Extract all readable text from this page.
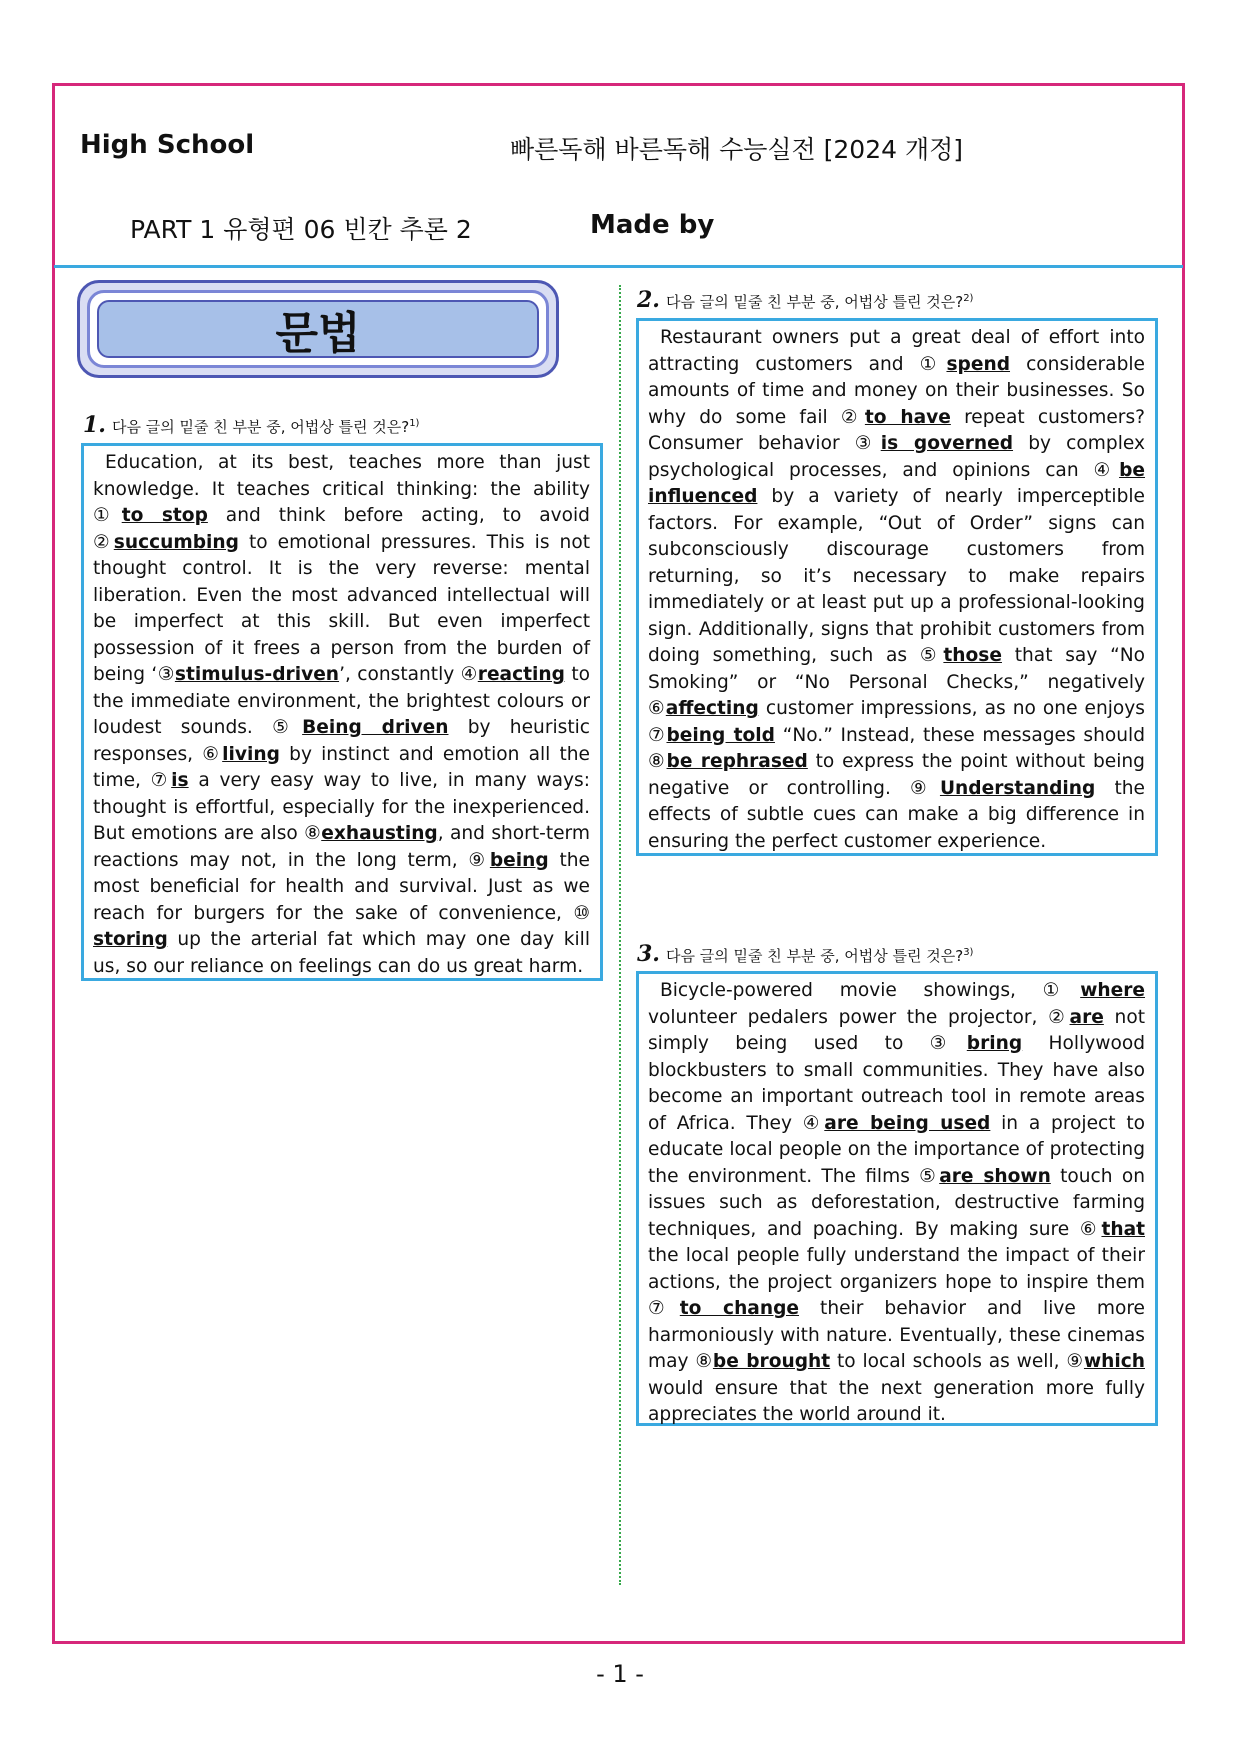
High School	빠른독해 바른독해 수능실전 [2024 개정]
PART 1 유형편 06 빈칸 추론 2	Made by
문법
1. 다음 글의 밑줄 친 부분 중, 어법상 틀린 것은?$^{1)}$

Education, at its best, teaches more than just knowledge. It teaches critical thinking: the ability ①to stop and think before acting, to avoid ②succumbing to emotional pressures. This is not thought control. It is the very reverse: mental liberation. Even the most advanced intellectual will be imperfect at this skill. But even imperfect possession of it frees a person from the burden of being ‘③stimulus-driven’, constantly ④reacting to the immediate environment, the brightest colours or loudest sounds. ⑤Being driven by heuristic responses, ⑥living by instinct and emotion all the time, ⑦is a very easy way to live, in many ways: thought is effortful, especially for the inexperienced. But emotions are also ⑧exhausting, and short-term reactions may not, in the long term, ⑨being the most beneficial for health and survival. Just as we reach for burgers for the sake of convenience, ⑩ storing up the arterial fat which may one day kill us, so our reliance on feelings can do us great harm.

2. 다음 글의 밑줄 친 부분 중, 어법상 틀린 것은?$^{2)}$

Restaurant owners put a great deal of effort into attracting customers and ①spend considerable amounts of time and money on their businesses. So why do some fail ②to have repeat customers? Consumer behavior ③is governed by complex psychological processes, and opinions can ④be influenced by a variety of nearly imperceptible factors. For example, “Out of Order” signs can subconsciously discourage customers from returning, so it’s necessary to make repairs immediately or at least put up a professional-looking sign. Additionally, signs that prohibit customers from doing something, such as ⑤those that say “No Smoking” or “No Personal Checks,” negatively ⑥affecting customer impressions, as no one enjoys ⑦being told “No.” Instead, these messages should ⑧be rephrased to express the point without being negative or controlling. ⑨Understanding the effects of subtle cues can make a big difference in ensuring the perfect customer experience.

3. 다음 글의 밑줄 친 부분 중, 어법상 틀린 것은?$^{3)}$

Bicycle-powered movie showings, ①where volunteer pedalers power the projector, ②are not simply being used to ③bring Hollywood blockbusters to small communities. They have also become an important outreach tool in remote areas of Africa. They ④are being used in a project to educate local people on the importance of protecting the environment. The films ⑤are shown touch on issues such as deforestation, destructive farming techniques, and poaching. By making sure ⑥that the local people fully understand the impact of their actions, the project organizers hope to inspire them ⑦to change their behavior and live more harmoniously with nature. Eventually, these cinemas may ⑧be brought to local schools as well, ⑨which would ensure that the next generation more fully appreciates the world around it.

- 1 -
